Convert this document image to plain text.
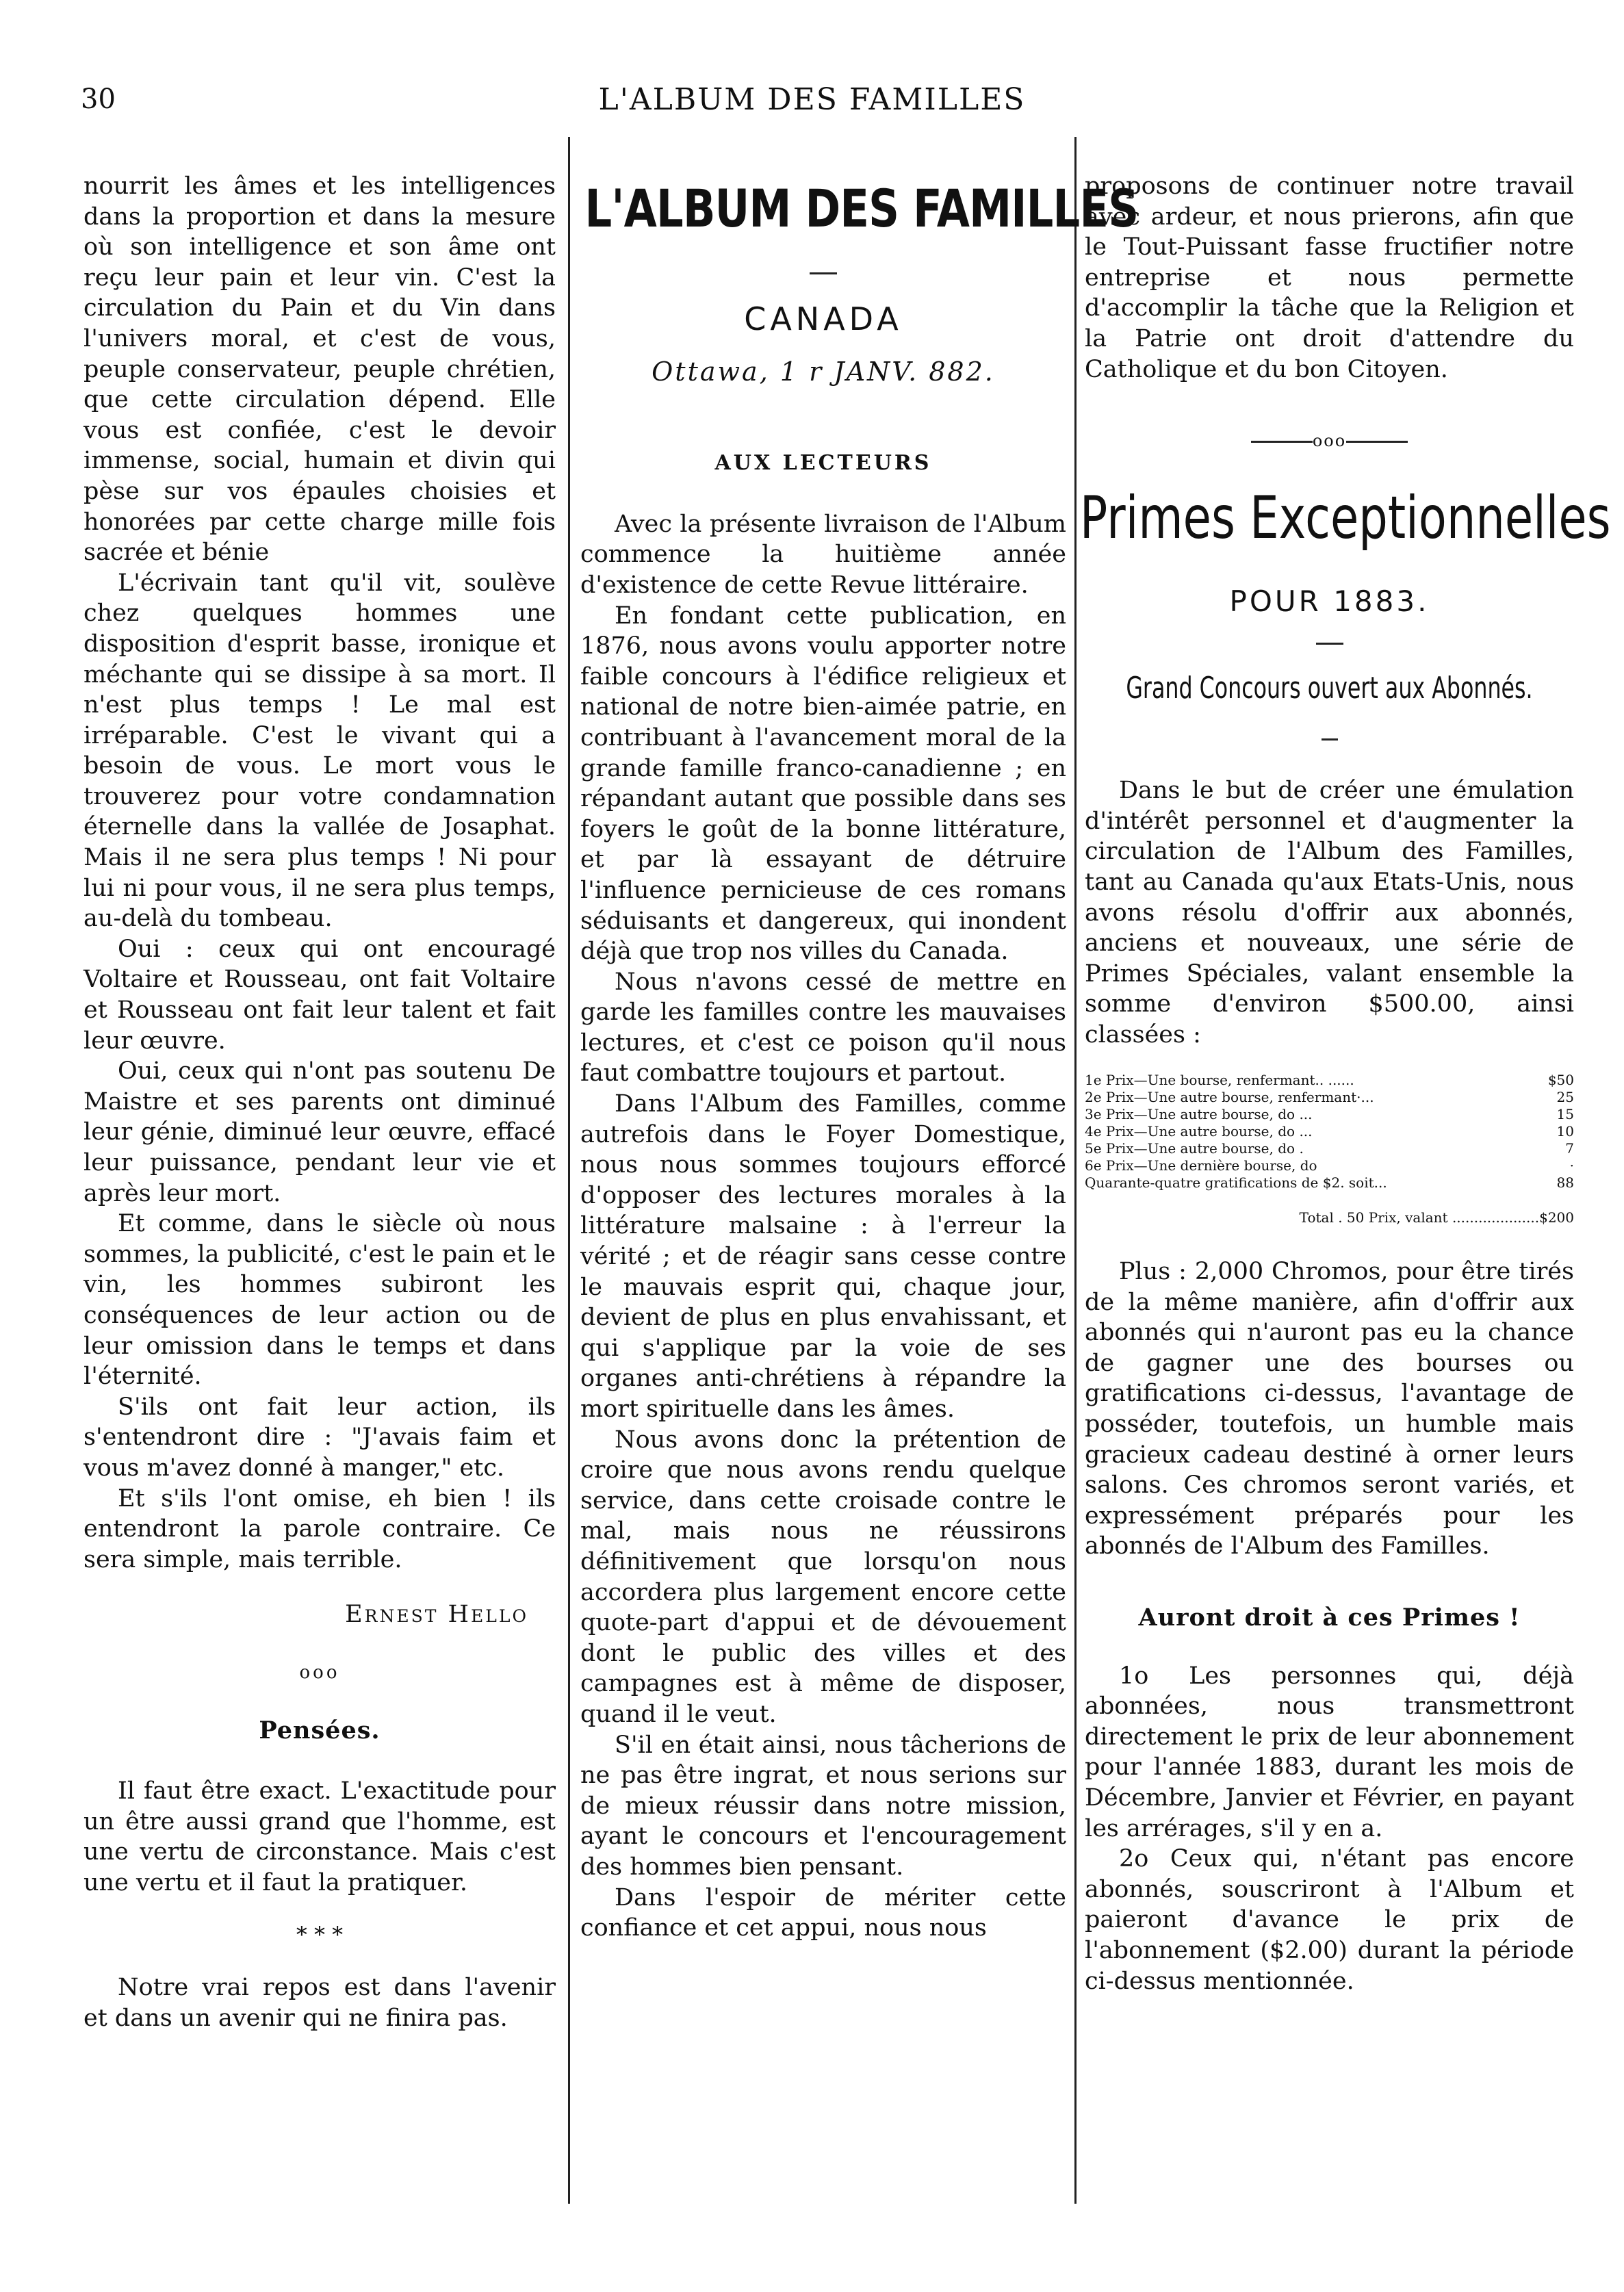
30	L'ALBUM DES FAMILLES

nourrit les âmes et les intelligences dans la proportion et dans la mesure où son intelligence et son âme ont reçu leur pain et leur vin. C'est la circulation du Pain et du Vin dans l'univers moral, et c'est de vous, peuple conservateur, peuple chrétien, que cette circulation dépend. Elle vous est confiée, c'est le devoir immense, social, humain et divin qui pèse sur vos épaules choisies et honorées par cette charge mille fois sacrée et bénie

L'écrivain tant qu'il vit, soulève chez quelques hommes une disposition d'esprit basse, ironique et méchante qui se dissipe à sa mort. Il n'est plus temps ! Le mal est irréparable. C'est le vivant qui a besoin de vous. Le mort vous le trouverez pour votre condamnation éternelle dans la vallée de Josaphat. Mais il ne sera plus temps ! Ni pour lui ni pour vous, il ne sera plus temps, au-delà du tombeau.

Oui : ceux qui ont encouragé Voltaire et Rousseau, ont fait Voltaire et Rousseau ont fait leur talent et fait leur œuvre.

Oui, ceux qui n'ont pas soutenu De Maistre et ses parents ont diminué leur génie, diminué leur œuvre, effacé leur puissance, pendant leur vie et après leur mort.

Et comme, dans le siècle où nous sommes, la publicité, c'est le pain et le vin, les hommes subiront les conséquences de leur action ou de leur omission dans le temps et dans l'éternité.

S'ils ont fait leur action, ils s'entendront dire : "J'avais faim et vous m'avez donné à manger," etc.

Et s'ils l'ont omise, eh bien ! ils entendront la parole contraire. Ce sera simple, mais terrible.

Ernest Hello
ooo
Pensées.

Il faut être exact. L'exactitude pour un être aussi grand que l'homme, est une vertu de circonstance. Mais c'est une vertu et il faut la pratiquer.

* * *

Notre vrai repos est dans l'avenir et dans un avenir qui ne finira pas.

L'ALBUM DES FAMILLES
CANADA
Ottawa, 1 r JANV. 882.
AUX LECTEURS

Avec la présente livraison de l'Album commence la huitième année d'existence de cette Revue littéraire.

En fondant cette publication, en 1876, nous avons voulu apporter notre faible concours à l'édifice religieux et national de notre bien-aimée patrie, en contribuant à l'avancement moral de la grande famille franco-canadienne ; en répandant autant que possible dans ses foyers le goût de la bonne littérature, et par là essayant de détruire l'influence pernicieuse de ces romans séduisants et dangereux, qui inondent déjà que trop nos villes du Canada.

Nous n'avons cessé de mettre en garde les familles contre les mauvaises lectures, et c'est ce poison qu'il nous faut combattre toujours et partout.

Dans l'Album des Familles, comme autrefois dans le Foyer Domestique, nous nous sommes toujours efforcé d'opposer des lectures morales à la littérature malsaine : à l'erreur la vérité ; et de réagir sans cesse contre le mauvais esprit qui, chaque jour, devient de plus en plus envahissant, et qui s'applique par la voie de ses organes anti-chrétiens à répandre la mort spirituelle dans les âmes.

Nous avons donc la prétention de croire que nous avons rendu quelque service, dans cette croisade contre le mal, mais nous ne réussirons définitivement que lorsqu'on nous accordera plus largement encore cette quote-part d'appui et de dévouement dont le public des villes et des campagnes est à même de disposer, quand il le veut.

S'il en était ainsi, nous tâcherions de ne pas être ingrat, et nous serions sur de mieux réussir dans notre mission, ayant le concours et l'encouragement des hommes bien pensant.

Dans l'espoir de mériter cette confiance et cet appui, nous nous

proposons de continuer notre travail avec ardeur, et nous prierons, afin que le Tout-Puissant fasse fructifier notre entreprise et nous permette d'accomplir la tâche que la Religion et la Patrie ont droit d'attendre du Catholique et du bon Citoyen.

ooo
Primes Exceptionnelles
POUR 1883.
Grand Concours ouvert aux Abonnés.

Dans le but de créer une émulation d'intérêt personnel et d'augmenter la circulation de l'Album des Familles, tant au Canada qu'aux Etats-Unis, nous avons résolu d'offrir aux abonnés, anciens et nouveaux, une série de Primes Spéciales, valant ensemble la somme d'environ $500.00, ainsi classées :

1e Prix—Une bourse, renfermant.. ......	$50
2e Prix—Une autre bourse, renfermant·...	25
3e Prix—Une autre bourse, do ...	15
4e Prix—Une autre bourse, do ...	10
5e Prix—Une autre bourse, do .	7
6e Prix—Une dernière bourse, do	·
Quarante-quatre gratifications de $2. soit...	88
Total . 50 Prix, valant ....................$200

Plus : 2,000 Chromos, pour être tirés de la même manière, afin d'offrir aux abonnés qui n'auront pas eu la chance de gagner une des bourses ou gratifications ci-dessus, l'avantage de posséder, toutefois, un humble mais gracieux cadeau destiné à orner leurs salons. Ces chromos seront variés, et expressément préparés pour les abonnés de l'Album des Familles.

Auront droit à ces Primes !

1o Les personnes qui, déjà abonnées, nous transmettront directement le prix de leur abonnement pour l'année 1883, durant les mois de Décembre, Janvier et Février, en payant les arrérages, s'il y en a.

2o Ceux qui, n'étant pas encore abonnés, souscriront à l'Album et paieront d'avance le prix de l'abonnement ($2.00) durant la période ci-dessus mentionnée.
